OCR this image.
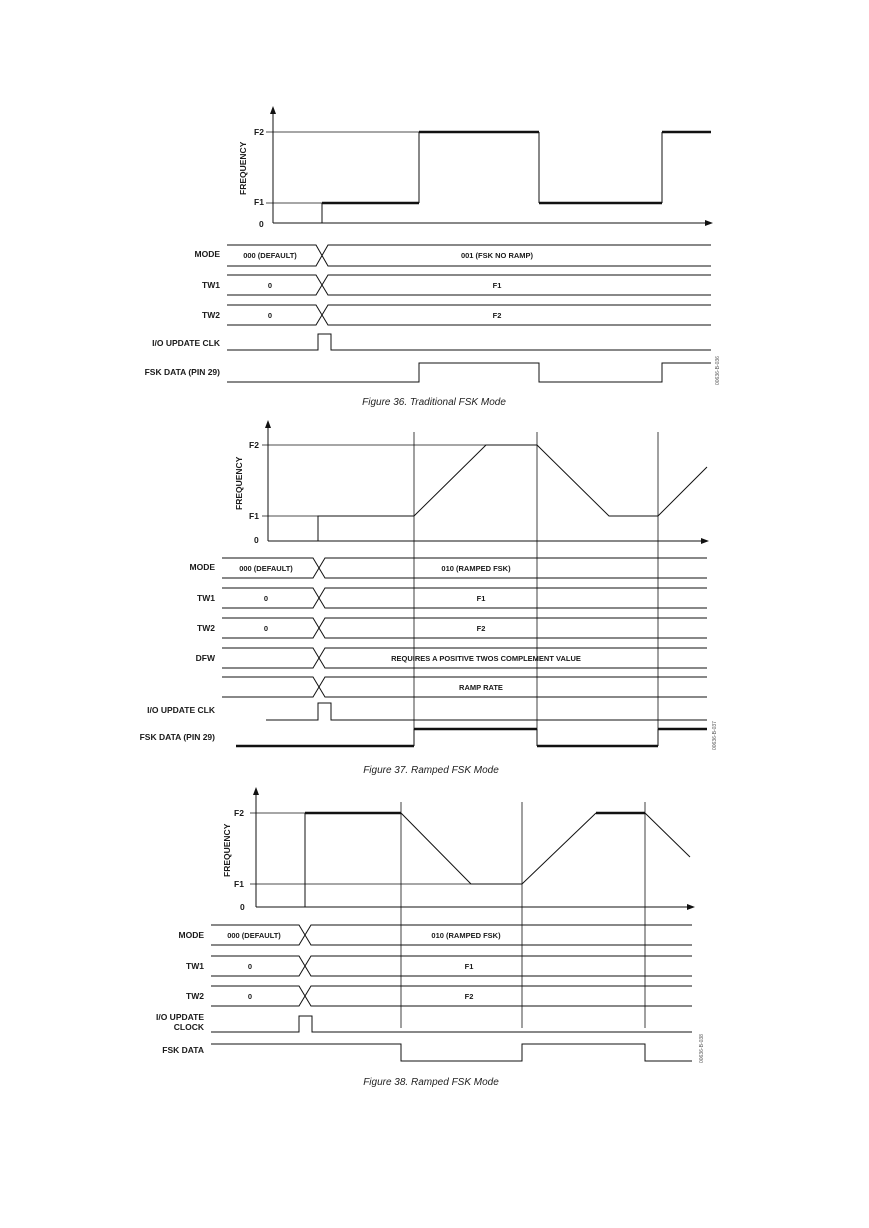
FREQUENCY
F2
F1
0
MODE	000 (DEFAULT)	001 (FSK NO RAMP)
TW1	0	F1
TW2	0	F2
I/O UPDATE CLK
FSK DATA (PIN 29)	00636-B-036
Figure 36. Traditional FSK Mode
FREQUENCY
F2
F1
0
MODE	000 (DEFAULT)	010 (RAMPED FSK)
TW1	0	F1
TW2	0	F2
DFW	REQUIRES A POSITIVE TWOS COMPLEMENT VALUE
RAMP RATE
I/O UPDATE CLK
FSK DATA (PIN 29)	00636-B-037
Figure 37. Ramped FSK Mode
FREQUENCY
F2
F1
0
MODE	000 (DEFAULT)	010 (RAMPED FSK)
TW1	0	F1
TW2	0	F2
I/O UPDATE
CLOCK
FSK DATA	00636-B-038
Figure 38. Ramped FSK Mode
